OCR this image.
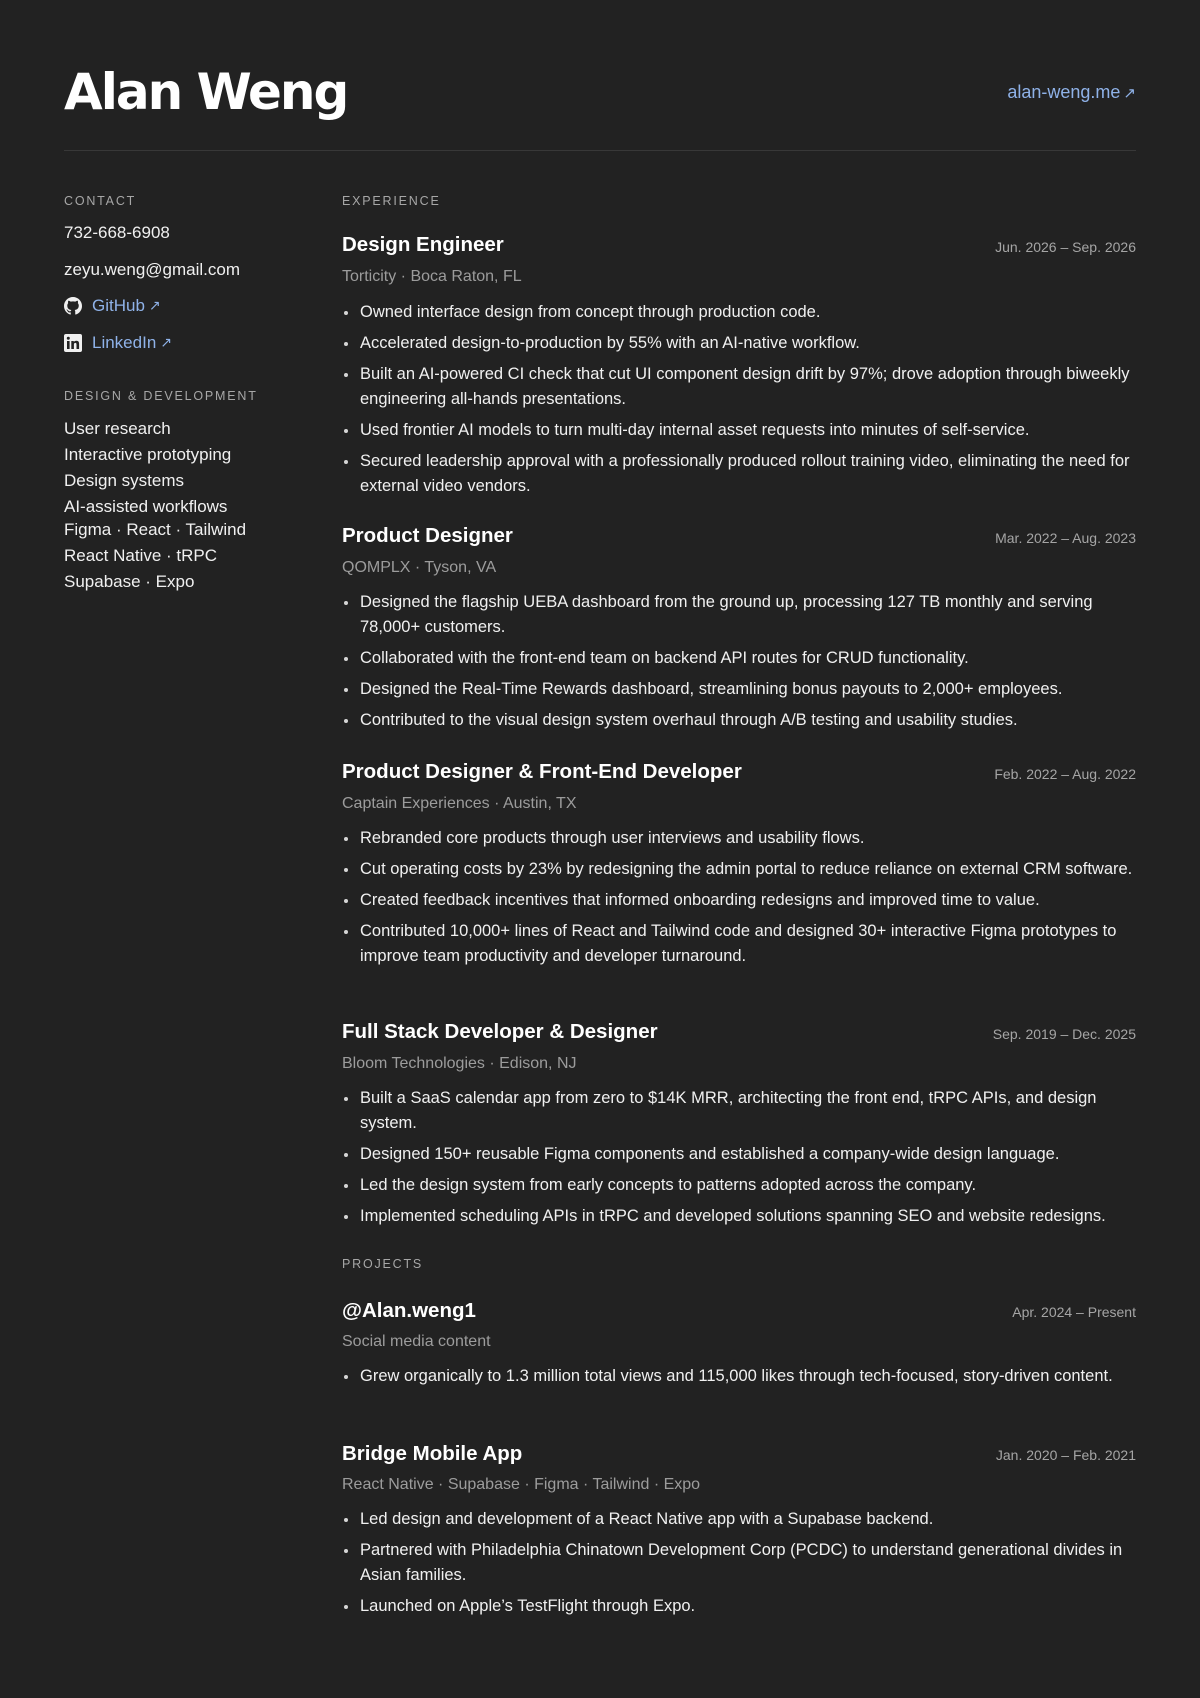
Alan Weng	alan-weng.me ↗

CONTACT

732-668-6908
zeyu.weng@gmail.com
GitHub ↗
LinkedIn ↗

DESIGN & DEVELOPMENT

User research
Interactive prototyping
Design systems
AI-assisted workflows
Figma · React · Tailwind
React Native · tRPC
Supabase · Expo

EXPERIENCE

Design Engineer	Jun. 2026 – Sep. 2026
Torticity · Boca Raton, FL
Owned interface design from concept through production code.
Accelerated design-to-production by 55% with an AI-native workflow.
Built an AI-powered CI check that cut UI component design drift by 97%; drove adoption through biweekly engineering all-hands presentations.
Used frontier AI models to turn multi-day internal asset requests into minutes of self-service.
Secured leadership approval with a professionally produced rollout training video, eliminating the need for external video vendors.
Product Designer	Mar. 2022 – Aug. 2023
QOMPLX · Tyson, VA
Designed the flagship UEBA dashboard from the ground up, processing 127 TB monthly and serving 78,000+ customers.
Collaborated with the front-end team on backend API routes for CRUD functionality.
Designed the Real-Time Rewards dashboard, streamlining bonus payouts to 2,000+ employees.
Contributed to the visual design system overhaul through A/B testing and usability studies.
Product Designer & Front-End Developer	Feb. 2022 – Aug. 2022
Captain Experiences · Austin, TX
Rebranded core products through user interviews and usability flows.
Cut operating costs by 23% by redesigning the admin portal to reduce reliance on external CRM software.
Created feedback incentives that informed onboarding redesigns and improved time to value.
Contributed 10,000+ lines of React and Tailwind code and designed 30+ interactive Figma prototypes to improve team productivity and developer turnaround.
Full Stack Developer & Designer	Sep. 2019 – Dec. 2025
Bloom Technologies · Edison, NJ
Built a SaaS calendar app from zero to $14K MRR, architecting the front end, tRPC APIs, and design system.
Designed 150+ reusable Figma components and established a company-wide design language.
Led the design system from early concepts to patterns adopted across the company.
Implemented scheduling APIs in tRPC and developed solutions spanning SEO and website redesigns.

PROJECTS

@Alan.weng1	Apr. 2024 – Present
Social media content
Grew organically to 1.3 million total views and 115,000 likes through tech-focused, story-driven content.
Bridge Mobile App	Jan. 2020 – Feb. 2021
React Native · Supabase · Figma · Tailwind · Expo
Led design and development of a React Native app with a Supabase backend.
Partnered with Philadelphia Chinatown Development Corp (PCDC) to understand generational divides in Asian families.
Launched on Apple’s TestFlight through Expo.
